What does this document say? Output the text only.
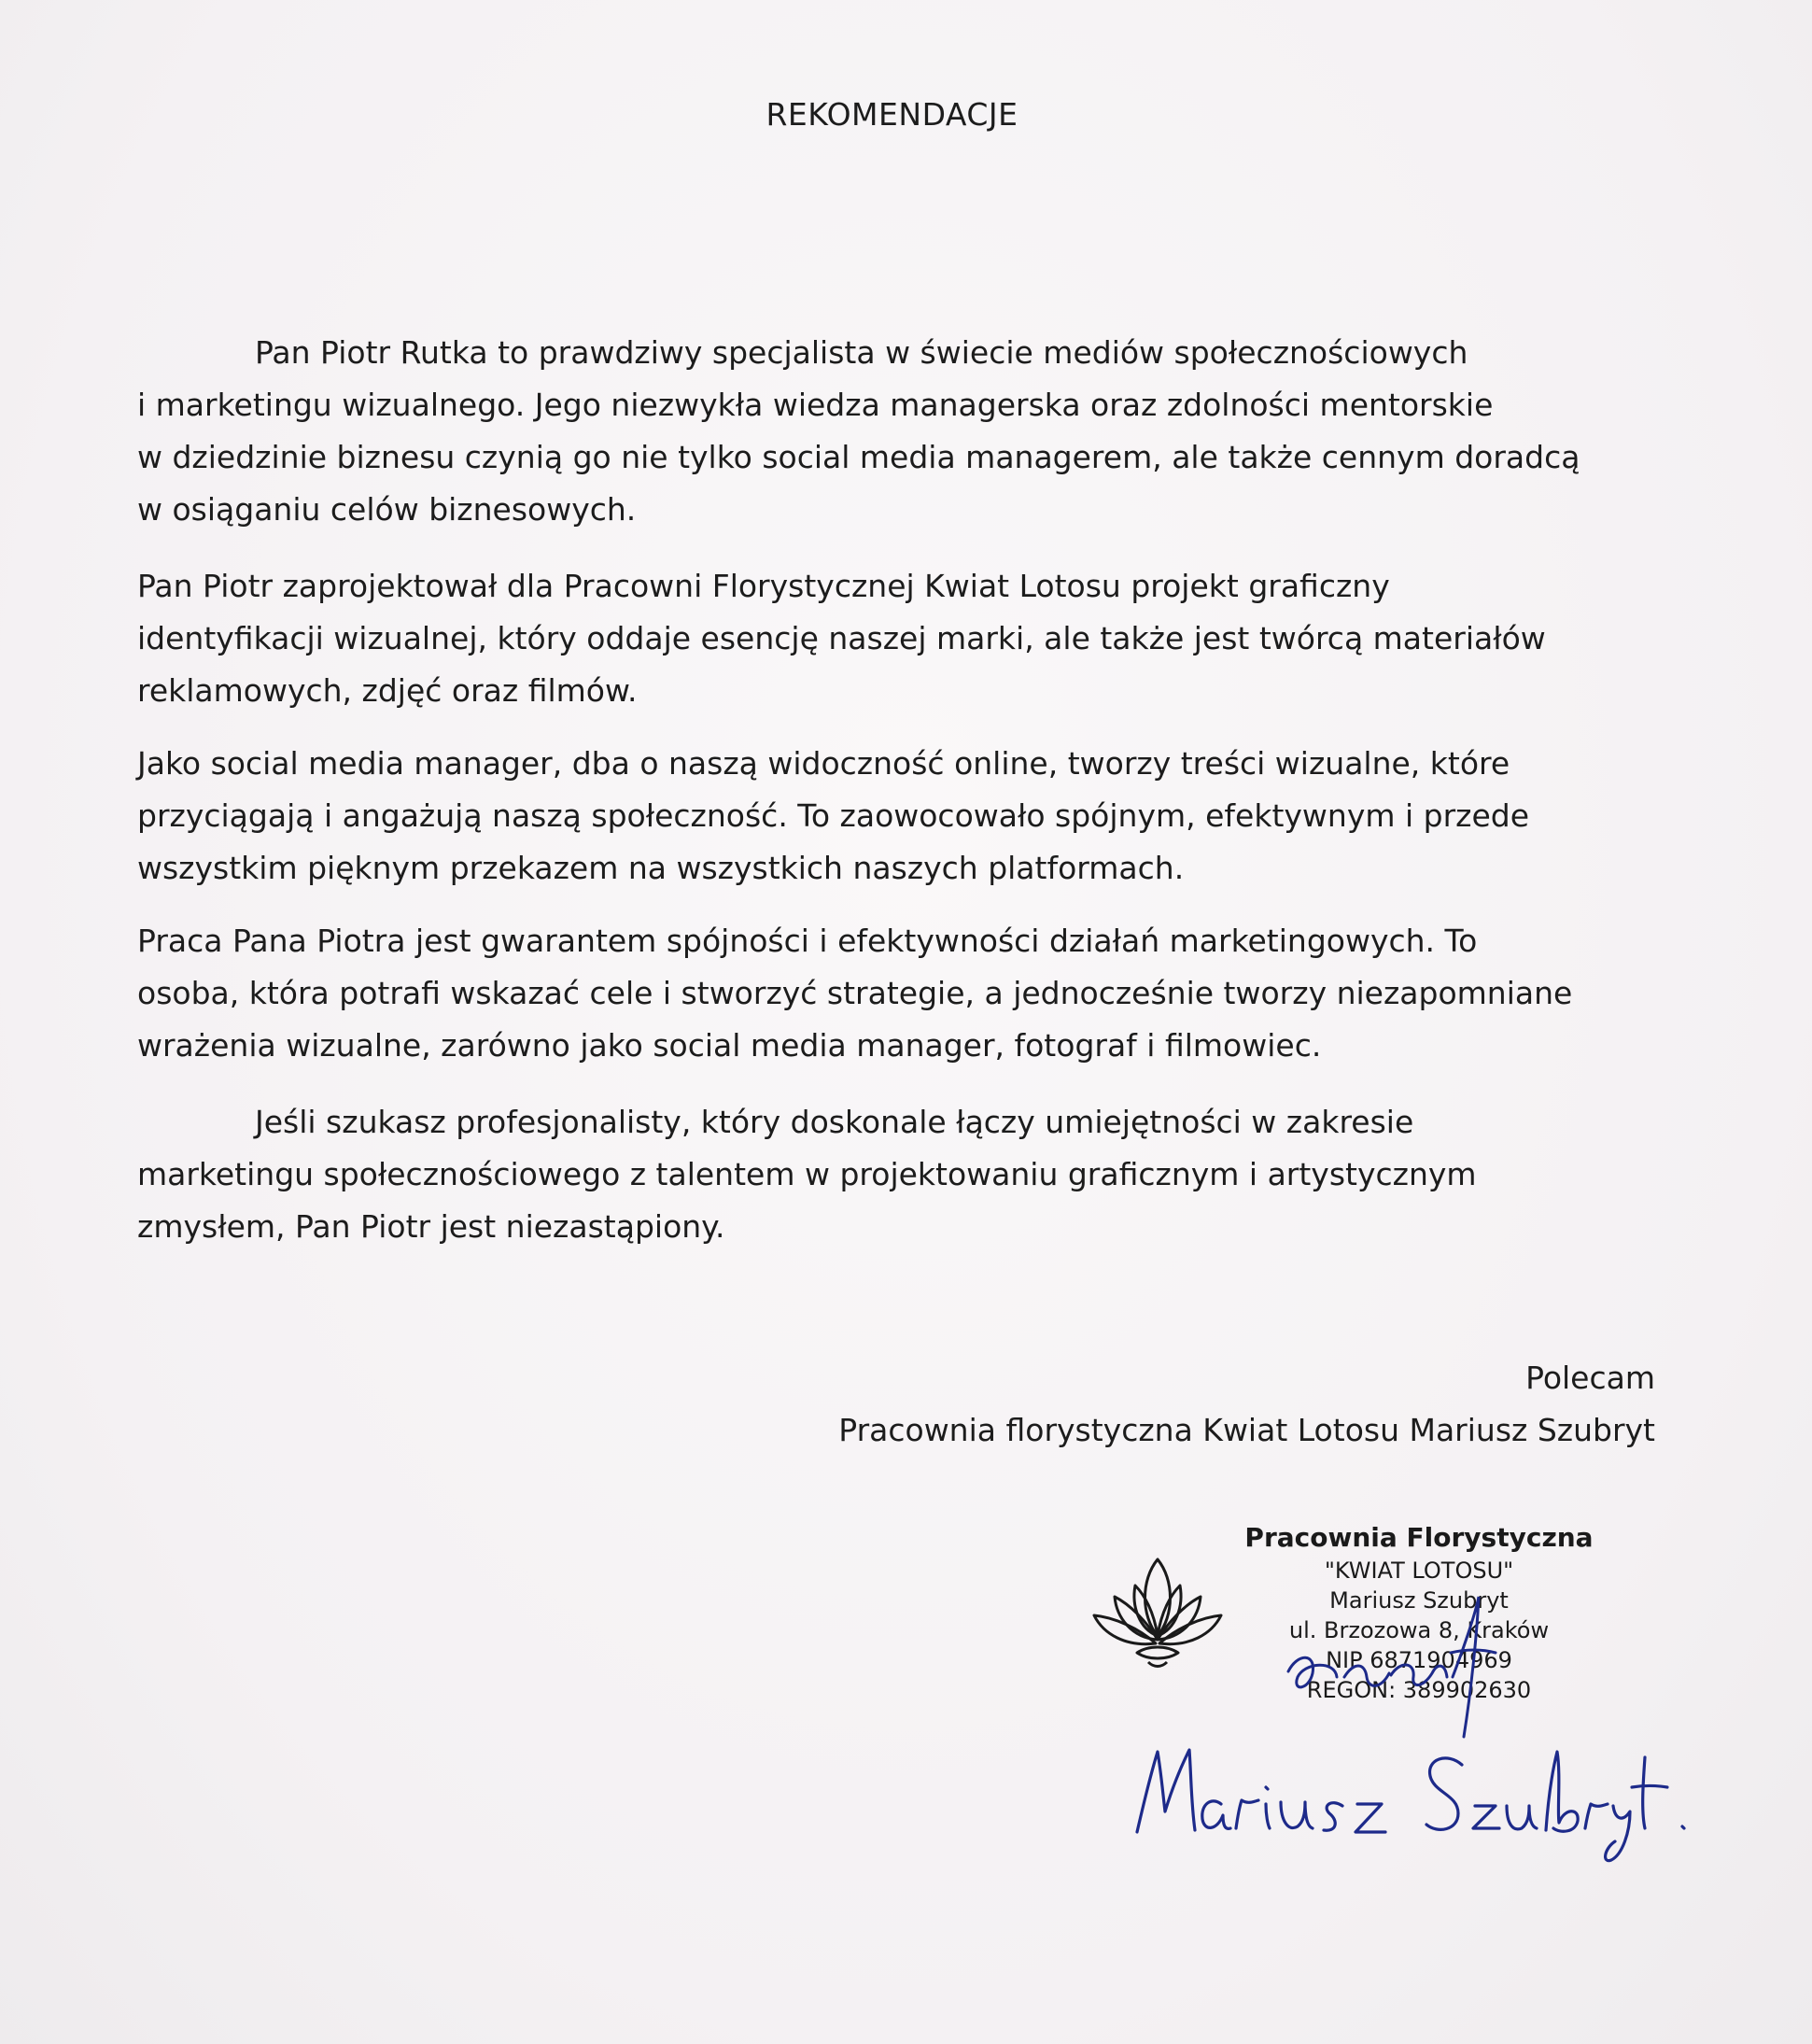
REKOMENDACJE

Pan Piotr Rutka to prawdziwy specjalista w świecie mediów społecznościowych
i marketingu wizualnego. Jego niezwykła wiedza managerska oraz zdolności mentorskie
w dziedzinie biznesu czynią go nie tylko social media managerem, ale także cennym doradcą
w osiąganiu celów biznesowych.

Pan Piotr zaprojektował dla Pracowni Florystycznej Kwiat Lotosu projekt graficzny
identyfikacji wizualnej, który oddaje esencję naszej marki, ale także jest twórcą materiałów
reklamowych, zdjęć oraz filmów.

Jako social media manager, dba o naszą widoczność online, tworzy treści wizualne, które
przyciągają i angażują naszą społeczność. To zaowocowało spójnym, efektywnym i przede
wszystkim pięknym przekazem na wszystkich naszych platformach.

Praca Pana Piotra jest gwarantem spójności i efektywności działań marketingowych. To
osoba, która potrafi wskazać cele i stworzyć strategie, a jednocześnie tworzy niezapomniane
wrażenia wizualne, zarówno jako social media manager, fotograf i filmowiec.

Jeśli szukasz profesjonalisty, który doskonale łączy umiejętności w zakresie
marketingu społecznościowego z talentem w projektowaniu graficznym i artystycznym
zmysłem, Pan Piotr jest niezastąpiony.

Polecam
Pracownia florystyczna Kwiat Lotosu Mariusz Szubryt
Pracownia Florystyczna
"KWIAT LOTOSU"
Mariusz Szubryt
ul. Brzozowa 8, Kraków
NIP 6871904969
REGON: 389902630
